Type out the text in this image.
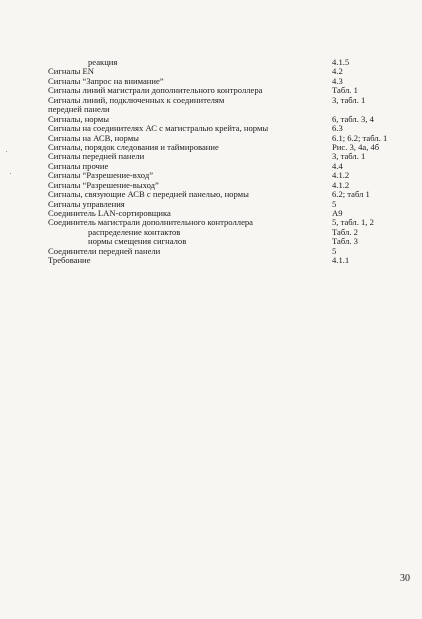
реакция	4.1.5
Сигналы EN	4.2
Сигналы “Запрос на внимание”	4.3
Сигналы линий магистрали дополнительного контроллера	Табл. 1
Сигналы линий, подключенных к соединителям	3, табл. 1
передней панели
Сигналы, нормы	6, табл. 3, 4
Сигналы на соединителях АС с магистралью крейта, нормы	6.3
Сигналы на АСВ, нормы	6.1; 6.2; табл. 1
Сигналы, порядок следования и таймирование	Рис. 3, 4а, 4б
Сигналы передней панели	3, табл. 1
Сигналы прочие	4.4
Сигналы “Разрешение-вход”	4.1.2
Сигналы “Разрешение-выход”	4.1.2
Сигналы, связующие АСВ с передней панелью, нормы	6.2; табл 1
Сигналы управления	5
Соединитель LAN-сортировщика	А9
Соединитель магистрали дополнительного контроллера	5, табл. 1, 2
распределение контактов	Табл. 2
нормы смещения сигналов	Табл. 3
Соединители передней панели	5
Требование	4.1.1
30
